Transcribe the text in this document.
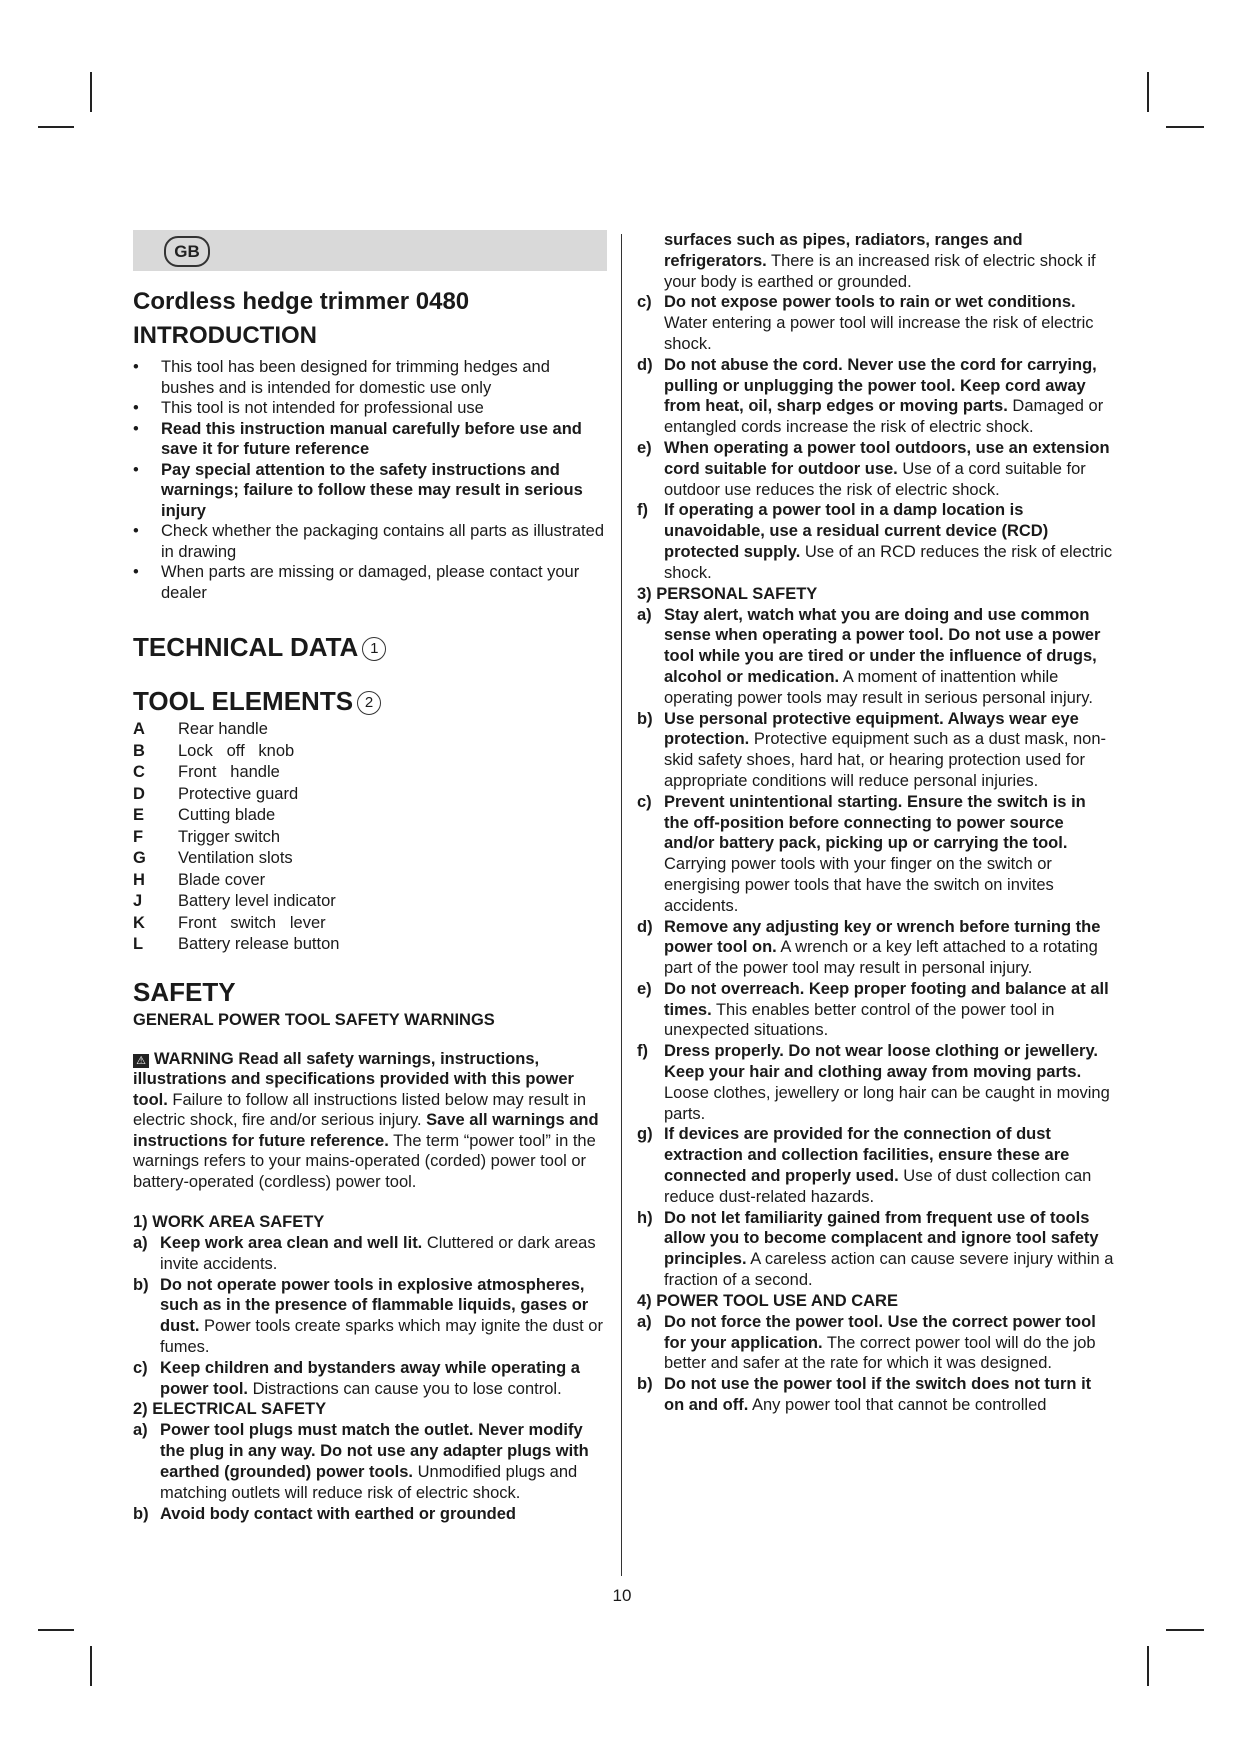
GB
Cordless hedge trimmer 0480
INTRODUCTION
•	This tool has been designed for trimming hedges and bushes and is intended for domestic use only
•	This tool is not intended for professional use
•	Read this instruction manual carefully before use and save it for future reference
•	Pay special attention to the safety instructions and warnings; failure to follow these may result in serious injury
•	Check whether the packaging contains all parts as illustrated in drawing
•	When parts are missing or damaged, please contact your dealer
TECHNICAL DATA 1
TOOL ELEMENTS 2
A	Rear handle
B	Lock   off   knob
C	Front   handle
D	Protective guard
E	Cutting blade
F	Trigger switch
G	Ventilation slots
H	Blade cover
J	Battery level indicator
K	Front   switch   lever
L	Battery release button
SAFETY
GENERAL POWER TOOL SAFETY WARNINGS

⚠ WARNING Read all safety warnings, instructions, illustrations and specifications provided with this power tool. Failure to follow all instructions listed below may result in electric shock, fire and/or serious injury. Save all warnings and instructions for future reference. The term “power tool” in the warnings refers to your mains-operated (corded) power tool or battery-operated (cordless) power tool.

1) WORK AREA SAFETY
a) Keep work area clean and well lit. Cluttered or dark areas invite accidents.
b) Do not operate power tools in explosive atmospheres, such as in the presence of flammable liquids, gases or dust. Power tools create sparks which may ignite the dust or fumes.
c) Keep children and bystanders away while operating a power tool. Distractions can cause you to lose control.
2) ELECTRICAL SAFETY
a) Power tool plugs must match the outlet. Never modify the plug in any way. Do not use any adapter plugs with earthed (grounded) power tools. Unmodified plugs and matching outlets will reduce risk of electric shock.
b) Avoid body contact with earthed or grounded
surfaces such as pipes, radiators, ranges and refrigerators. There is an increased risk of electric shock if your body is earthed or grounded.
c) Do not expose power tools to rain or wet conditions. Water entering a power tool will increase the risk of electric shock.
d) Do not abuse the cord. Never use the cord for carrying, pulling or unplugging the power tool. Keep cord away from heat, oil, sharp edges or moving parts. Damaged or entangled cords increase the risk of electric shock.
e) When operating a power tool outdoors, use an extension cord suitable for outdoor use. Use of a cord suitable for outdoor use reduces the risk of electric shock.
f) If operating a power tool in a damp location is unavoidable, use a residual current device (RCD) protected supply. Use of an RCD reduces the risk of electric shock.
3) PERSONAL SAFETY
a) Stay alert, watch what you are doing and use common sense when operating a power tool. Do not use a power tool while you are tired or under the influence of drugs, alcohol or medication. A moment of inattention while operating power tools may result in serious personal injury.
b) Use personal protective equipment. Always wear eye protection. Protective equipment such as a dust mask, non-skid safety shoes, hard hat, or hearing protection used for appropriate conditions will reduce personal injuries.
c) Prevent unintentional starting. Ensure the switch is in the off-position before connecting to power source and/or battery pack, picking up or carrying the tool. Carrying power tools with your finger on the switch or energising power tools that have the switch on invites accidents.
d) Remove any adjusting key or wrench before turning the power tool on. A wrench or a key left attached to a rotating part of the power tool may result in personal injury.
e) Do not overreach. Keep proper footing and balance at all times. This enables better control of the power tool in unexpected situations.
f) Dress properly. Do not wear loose clothing or jewellery. Keep your hair and clothing away from moving parts. Loose clothes, jewellery or long hair can be caught in moving parts.
g) If devices are provided for the connection of dust extraction and collection facilities, ensure these are connected and properly used. Use of dust collection can reduce dust-related hazards.
h) Do not let familiarity gained from frequent use of tools allow you to become complacent and ignore tool safety principles. A careless action can cause severe injury within a fraction of a second.
4) POWER TOOL USE AND CARE
a) Do not force the power tool. Use the correct power tool for your application. The correct power tool will do the job better and safer at the rate for which it was designed.
b) Do not use the power tool if the switch does not turn it on and off. Any power tool that cannot be controlled
10
